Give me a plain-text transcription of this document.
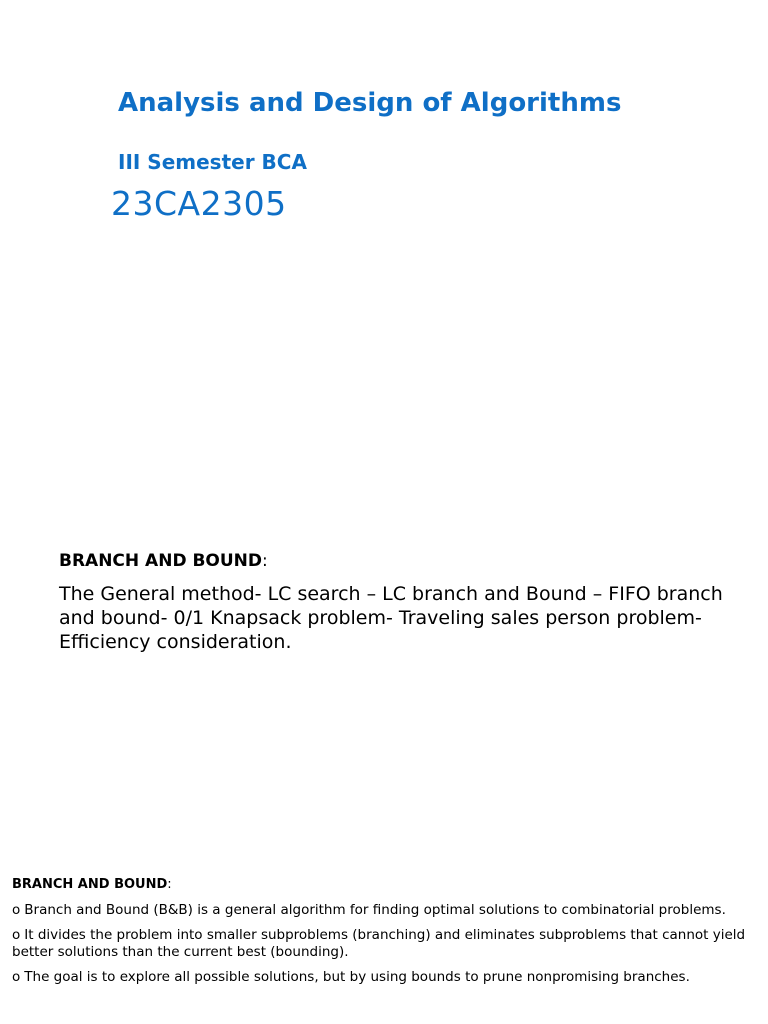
Analysis and Design of Algorithms
III Semester BCA
23CA2305
BRANCH AND BOUND:

The General method- LC search – LC branch and Bound – FIFO branch and bound- 0/1 Knapsack problem- Traveling sales person problem- Efficiency consideration.

BRANCH AND BOUND:
o Branch and Bound (B&B) is a general algorithm for finding optimal solutions to combinatorial problems.
o It divides the problem into smaller subproblems (branching) and eliminates subproblems that cannot yield better solutions than the current best (bounding).
o The goal is to explore all possible solutions, but by using bounds to prune nonpromising branches.
